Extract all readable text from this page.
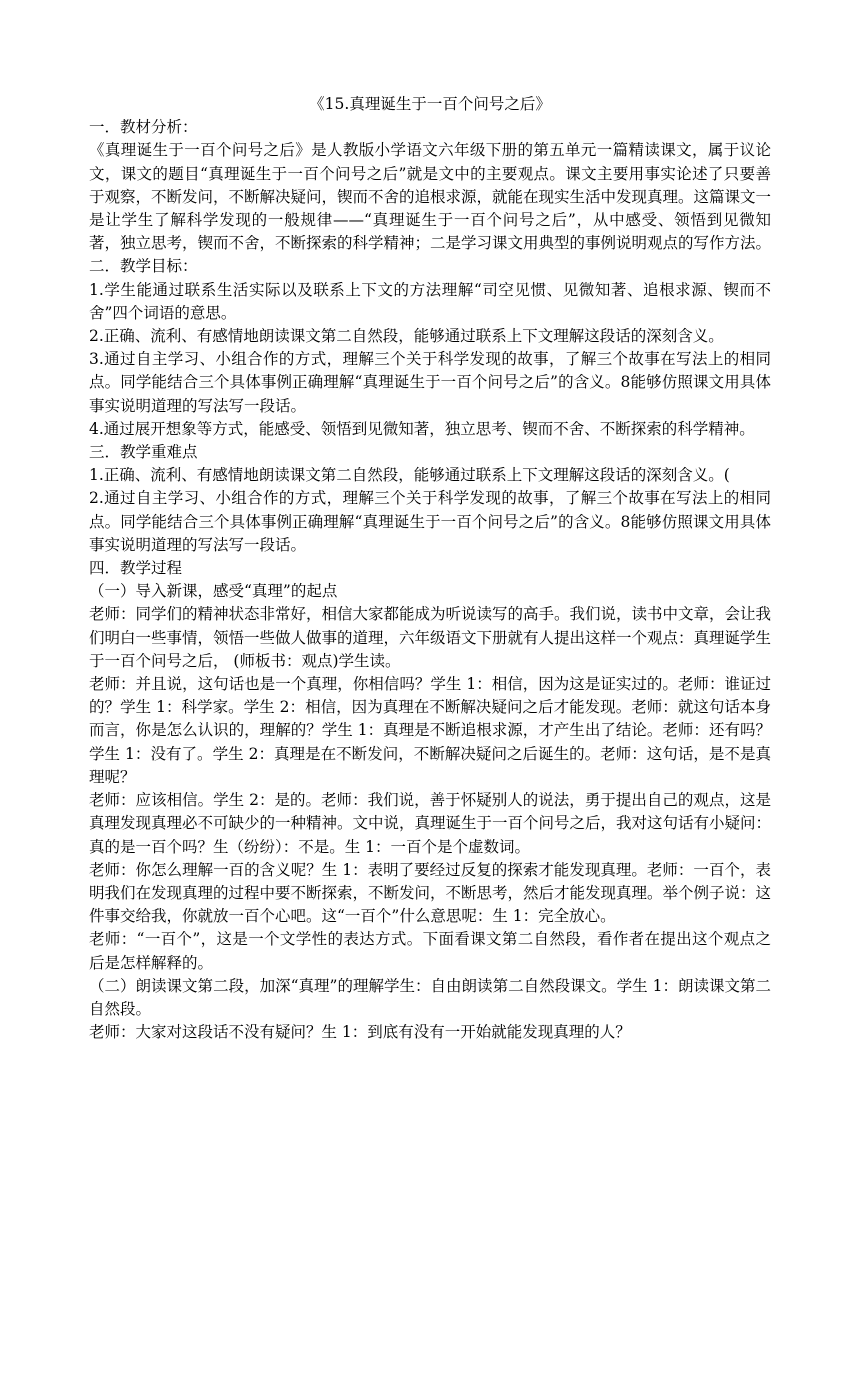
《15.真理诞生于一百个问号之后》

一．教材分析：

《真理诞生于一百个问号之后》是人教版小学语文六年级下册的第五单元一篇精读课文，属于议论文，课文的题目“真理诞生于一百个问号之后”就是文中的主要观点。课文主要用事实论述了只要善于观察，不断发问，不断解决疑问，锲而不舍的追根求源，就能在现实生活中发现真理。这篇课文一是让学生了解科学发现的一般规律——“真理诞生于一百个问号之后”，从中感受、领悟到见微知著，独立思考，锲而不舍，不断探索的科学精神；二是学习课文用典型的事例说明观点的写作方法。

二．教学目标：

1.学生能通过联系生活实际以及联系上下文的方法理解“司空见惯、见微知著、追根求源、锲而不舍”四个词语的意思。

2.正确、流利、有感情地朗读课文第二自然段，能够通过联系上下文理解这段话的深刻含义。

3.通过自主学习、小组合作的方式，理解三个关于科学发现的故事，了解三个故事在写法上的相同点。同学能结合三个具体事例正确理解“真理诞生于一百个问号之后”的含义。8能够仿照课文用具体事实说明道理的写法写一段话。

4.通过展开想象等方式，能感受、领悟到见微知著，独立思考、锲而不舍、不断探索的科学精神。

三．教学重难点

1.正确、流利、有感情地朗读课文第二自然段，能够通过联系上下文理解这段话的深刻含义。(

2.通过自主学习、小组合作的方式，理解三个关于科学发现的故事，了解三个故事在写法上的相同点。同学能结合三个具体事例正确理解“真理诞生于一百个问号之后”的含义。8能够仿照课文用具体事实说明道理的写法写一段话。

四．教学过程

（一）导入新课，感受“真理”的起点

老师：同学们的精神状态非常好，相信大家都能成为听说读写的高手。我们说，读书中文章，会让我们明白一些事情，领悟一些做人做事的道理，六年级语文下册就有人提出这样一个观点：真理诞学生于一百个问号之后， (师板书：观点)学生读。

老师：并且说，这句话也是一个真理，你相信吗？学生 1：相信，因为这是证实过的。老师：谁证过的？学生 1：科学家。学生 2：相信，因为真理在不断解决疑问之后才能发现。老师：就这句话本身而言，你是怎么认识的，理解的？学生 1：真理是不断追根求源，才产生出了结论。老师：还有吗？学生 1：没有了。学生 2：真理是在不断发问，不断解决疑问之后诞生的。老师：这句话，是不是真理呢？

老师：应该相信。学生 2：是的。老师：我们说，善于怀疑别人的说法，勇于提出自己的观点，这是真理发现真理必不可缺少的一种精神。文中说，真理诞生于一百个问号之后，我对这句话有小疑问：真的是一百个吗？生（纷纷）：不是。生 1：一百个是个虚数词。

老师：你怎么理解一百的含义呢？生 1：表明了要经过反复的探索才能发现真理。老师：一百个，表明我们在发现真理的过程中要不断探索，不断发问，不断思考，然后才能发现真理。举个例子说：这件事交给我，你就放一百个心吧。这“一百个”什么意思呢：生 1：完全放心。

老师：“一百个”，这是一个文学性的表达方式。下面看课文第二自然段，看作者在提出这个观点之后是怎样解释的。

（二）朗读课文第二段，加深“真理”的理解学生：自由朗读第二自然段课文。学生 1：朗读课文第二自然段。

老师：大家对这段话不没有疑问？生 1：到底有没有一开始就能发现真理的人？
